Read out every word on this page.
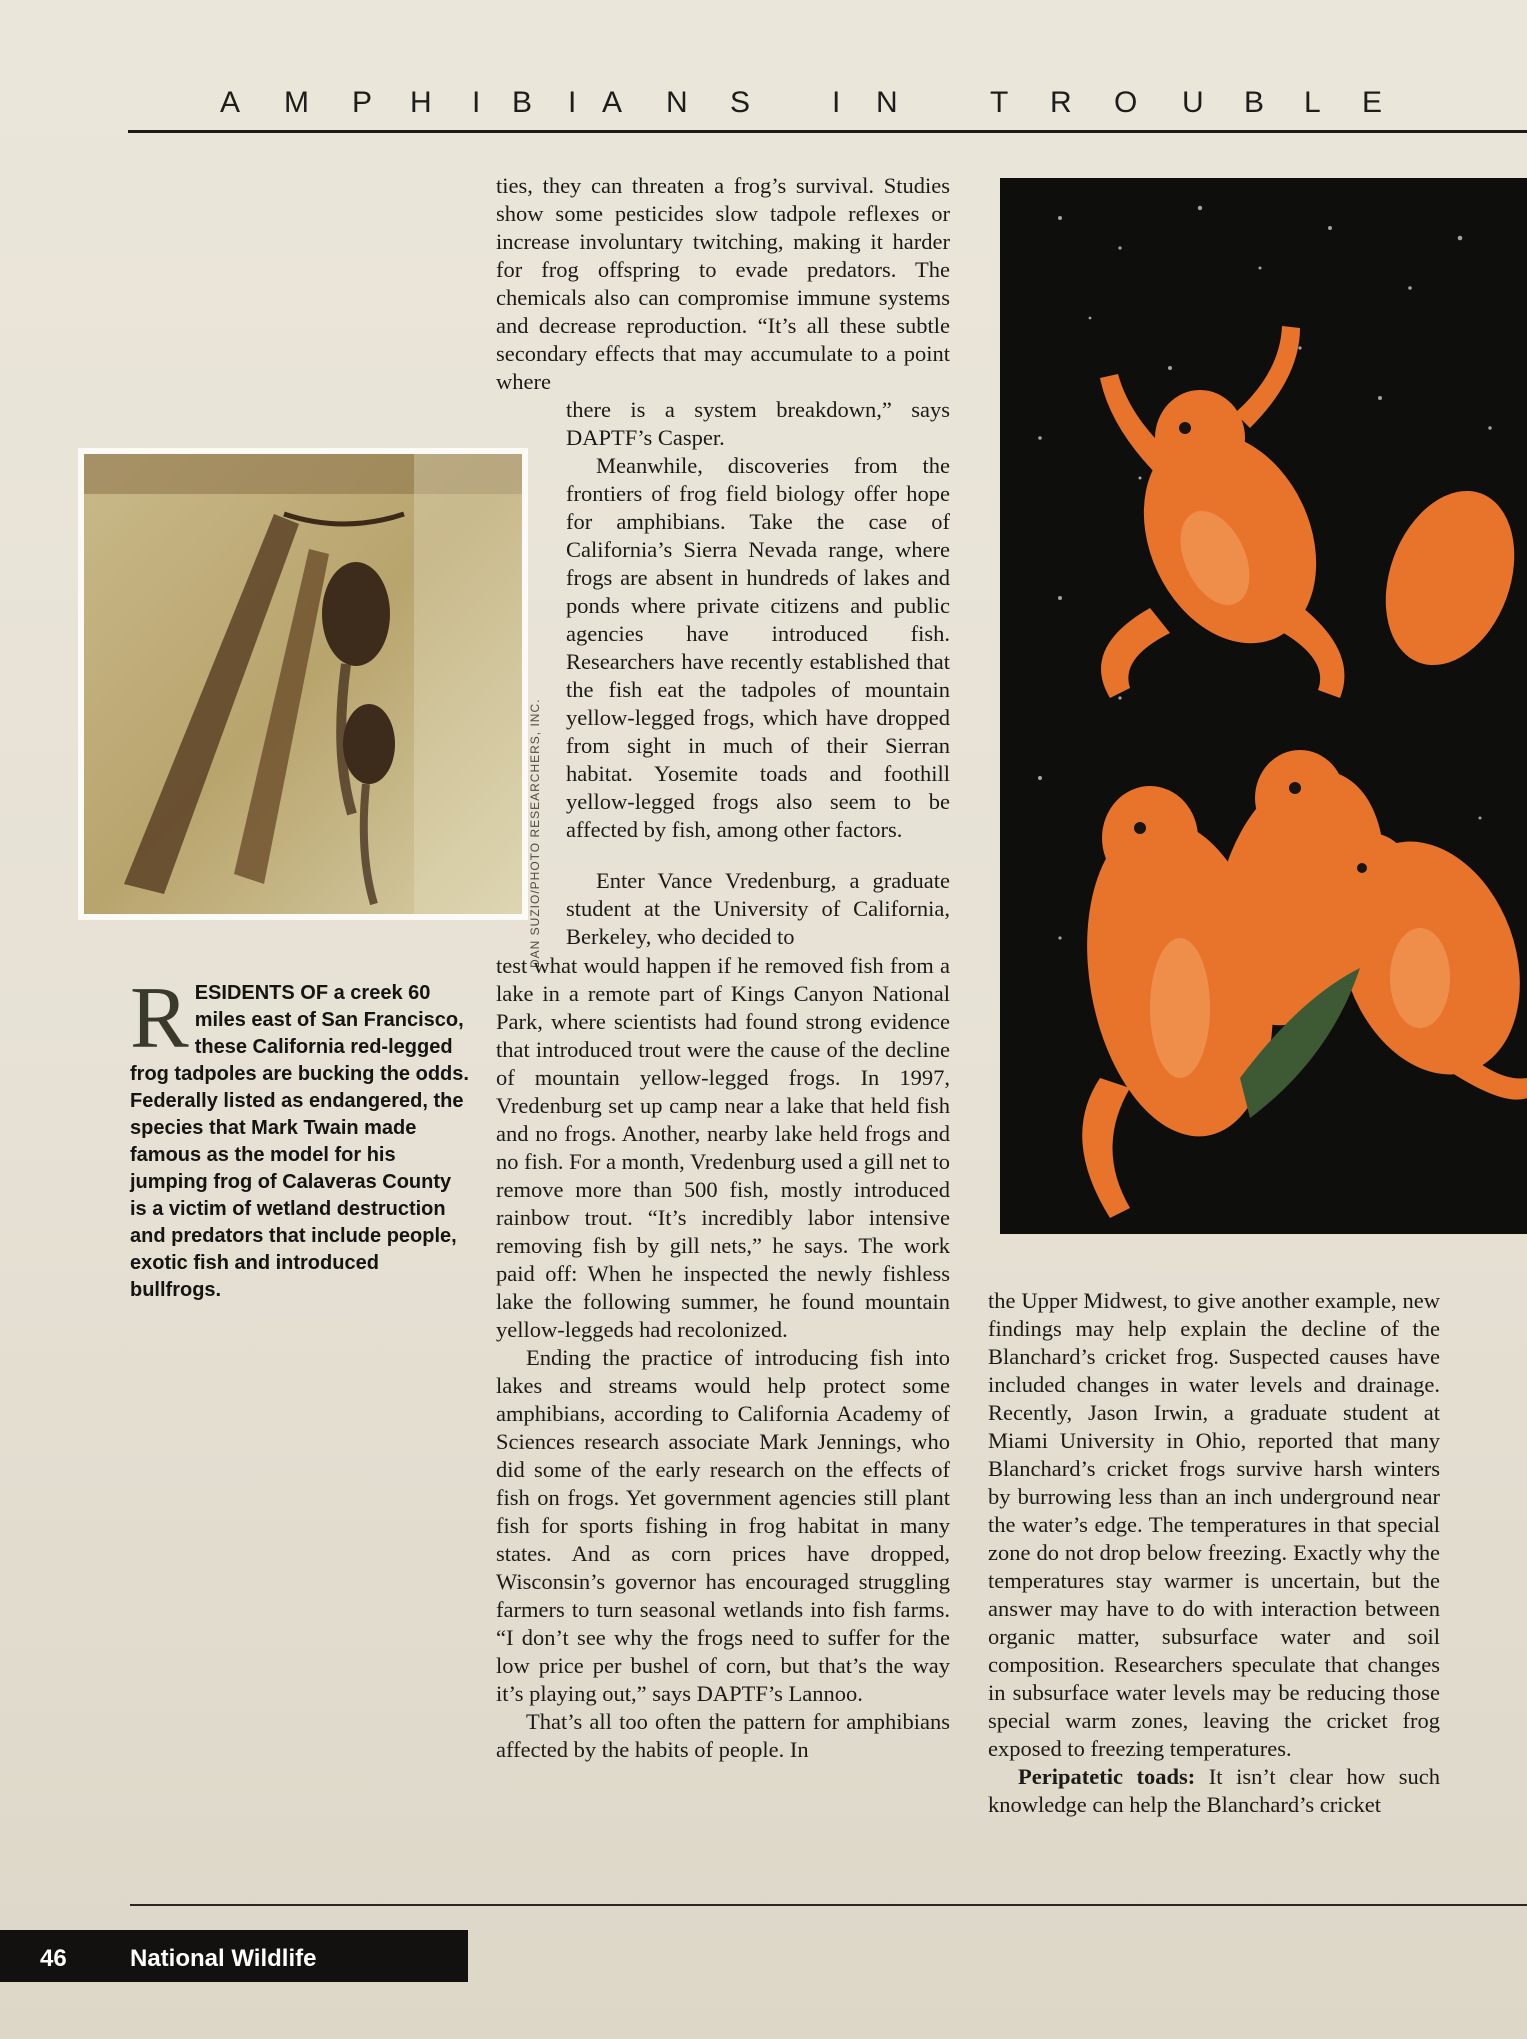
A M P H I B I A N S	I N	T R O U B L E
DAN SUZIO/PHOTO RESEARCHERS, INC.
RESIDENTS OF a creek 60 miles east of San Francisco, these California red-legged frog tadpoles are bucking the odds. Federally listed as endangered, the species that Mark Twain made famous as the model for his jumping frog of Calaveras County is a victim of wetland destruction and predators that include people, exotic fish and introduced bullfrogs.

ties, they can threaten a frog’s survival. Studies show some pesticides slow tadpole reflexes or increase involuntary twitching, making it harder for frog offspring to evade predators. The chemicals also can compromise immune systems and decrease reproduction. “It’s all these subtle secondary effects that may accumulate to a point where

there is a system breakdown,” says DAPTF’s Casper.

Meanwhile, discoveries from the frontiers of frog field biology offer hope for amphibians. Take the case of California’s Sierra Nevada range, where frogs are absent in hundreds of lakes and ponds where private citizens and public agencies have introduced fish. Researchers have recently established that the fish eat the tadpoles of mountain yellow-legged frogs, which have dropped from sight in much of their Sierran habitat. Yosemite toads and foothill yellow-legged frogs also seem to be affected by fish, among other factors.

Enter Vance Vredenburg, a graduate student at the University of California, Berkeley, who decided to

test what would happen if he removed fish from a lake in a remote part of Kings Canyon National Park, where scientists had found strong evidence that introduced trout were the cause of the decline of mountain yellow-legged frogs. In 1997, Vredenburg set up camp near a lake that held fish and no frogs. Another, nearby lake held frogs and no fish. For a month, Vredenburg used a gill net to remove more than 500 fish, mostly introduced rainbow trout. “It’s incredibly labor intensive removing fish by gill nets,” he says. The work paid off: When he inspected the newly fishless lake the following summer, he found mountain yellow-leggeds had recolonized.

Ending the practice of introducing fish into lakes and streams would help protect some amphibians, according to California Academy of Sciences research associate Mark Jennings, who did some of the early research on the effects of fish on frogs. Yet government agencies still plant fish for sports fishing in frog habitat in many states. And as corn prices have dropped, Wisconsin’s governor has encouraged struggling farmers to turn seasonal wetlands into fish farms. “I don’t see why the frogs need to suffer for the low price per bushel of corn, but that’s the way it’s playing out,” says DAPTF’s Lannoo.

That’s all too often the pattern for amphibians affected by the habits of people. In

the Upper Midwest, to give another example, new findings may help explain the decline of the Blanchard’s cricket frog. Suspected causes have included changes in water levels and drainage. Recently, Jason Irwin, a graduate student at Miami University in Ohio, reported that many Blanchard’s cricket frogs survive harsh winters by burrowing less than an inch underground near the water’s edge. The temperatures in that special zone do not drop below freezing. Exactly why the temperatures stay warmer is uncertain, but the answer may have to do with interaction between organic matter, subsurface water and soil composition. Researchers speculate that changes in subsurface water levels may be reducing those special warm zones, leaving the cricket frog exposed to freezing temperatures.

Peripatetic toads: It isn’t clear how such knowledge can help the Blanchard’s cricket

46	National Wildlife
